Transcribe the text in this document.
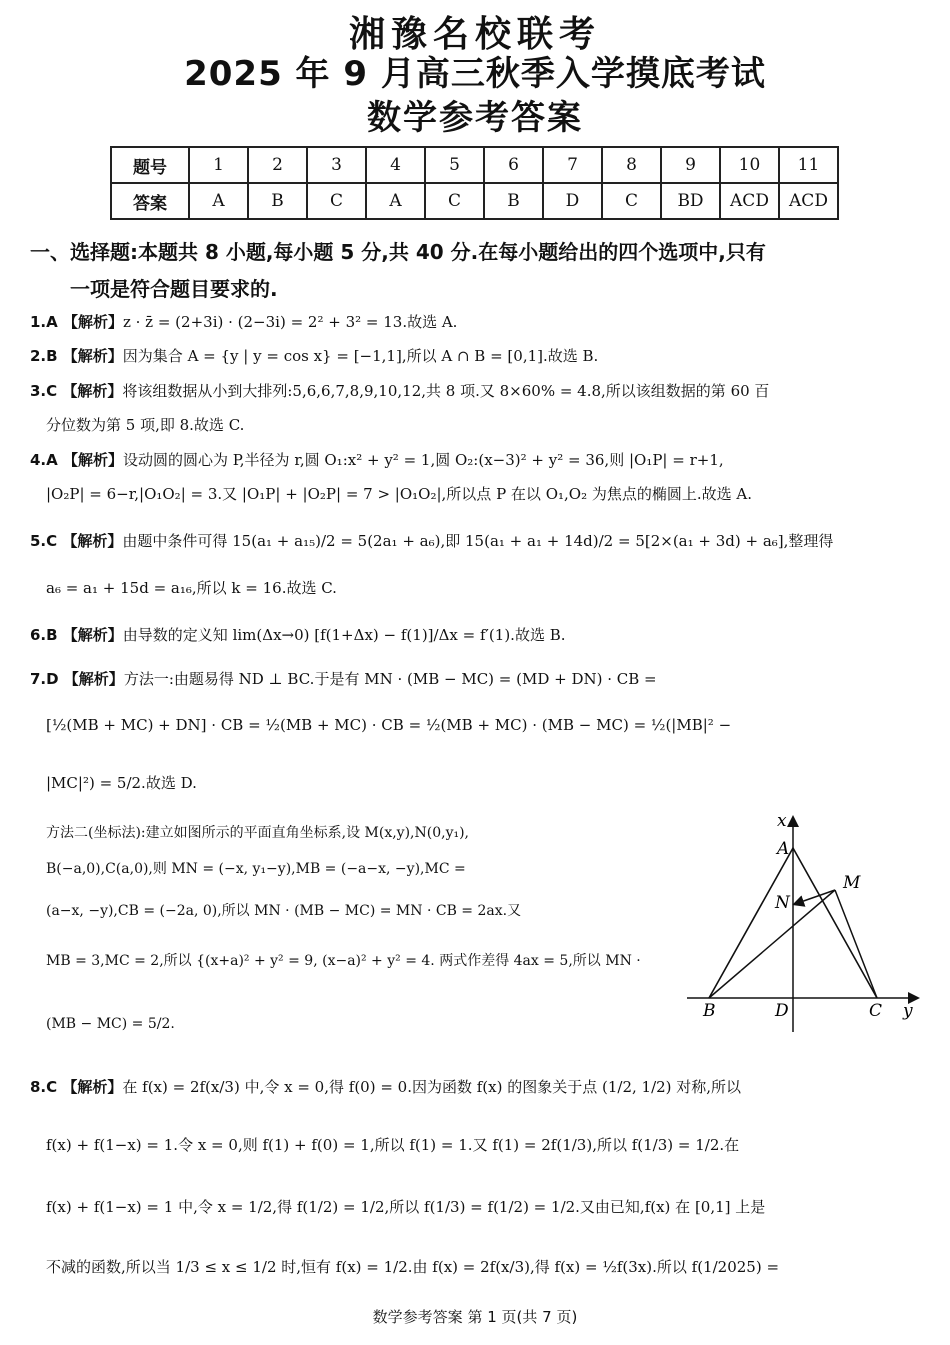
湘豫名校联考
2025 年 9 月高三秋季入学摸底考试
数学参考答案
题号	1	2	3	4	5	6	7	8	9	10	11
答案	A	B	C	A	C	B	D	C	BD	ACD	ACD
一、选择题:本题共 8 小题,每小题 5 分,共 40 分.在每小题给出的四个选项中,只有
一项是符合题目要求的.
1.A 【解析】z · z̄ = (2+3i) · (2−3i) = 2² + 3² = 13.故选 A.
2.B 【解析】因为集合 A = {y | y = cos x} = [−1,1],所以 A ∩ B = [0,1].故选 B.
3.C 【解析】将该组数据从小到大排列:5,6,6,7,8,9,10,12,共 8 项.又 8×60% = 4.8,所以该组数据的第 60 百
分位数为第 5 项,即 8.故选 C.
4.A 【解析】设动圆的圆心为 P,半径为 r,圆 O₁:x² + y² = 1,圆 O₂:(x−3)² + y² = 36,则 |O₁P| = r+1,
|O₂P| = 6−r,|O₁O₂| = 3.又 |O₁P| + |O₂P| = 7 > |O₁O₂|,所以点 P 在以 O₁,O₂ 为焦点的椭圆上.故选 A.
5.C 【解析】由题中条件可得 15(a₁ + a₁₅)/2 = 5(2a₁ + a₆),即 15(a₁ + a₁ + 14d)/2 = 5[2×(a₁ + 3d) + a₆],整理得
a₆ = a₁ + 15d = a₁₆,所以 k = 16.故选 C.
6.B 【解析】由导数的定义知 lim(Δx→0) [f(1+Δx) − f(1)]/Δx = f′(1).故选 B.
7.D 【解析】方法一:由题易得 ND ⊥ BC.于是有 MN · (MB − MC) = (MD + DN) · CB =
[½(MB + MC) + DN] · CB = ½(MB + MC) · CB = ½(MB + MC) · (MB − MC) = ½(|MB|² −
|MC|²) = 5/2.故选 D.
方法二(坐标法):建立如图所示的平面直角坐标系,设 M(x,y),N(0,y₁),
B(−a,0),C(a,0),则 MN = (−x, y₁−y),MB = (−a−x, −y),MC =
(a−x, −y),CB = (−2a, 0),所以 MN · (MB − MC) = MN · CB = 2ax.又
MB = 3,MC = 2,所以 {(x+a)² + y² = 9, (x−a)² + y² = 4. 两式作差得 4ax = 5,所以 MN ·
(MB − MC) = 5/2.
x
y
A
B	C
D
M
N
8.C 【解析】在 f(x) = 2f(x/3) 中,令 x = 0,得 f(0) = 0.因为函数 f(x) 的图象关于点 (1/2, 1/2) 对称,所以
f(x) + f(1−x) = 1.令 x = 0,则 f(1) + f(0) = 1,所以 f(1) = 1.又 f(1) = 2f(1/3),所以 f(1/3) = 1/2.在
f(x) + f(1−x) = 1 中,令 x = 1/2,得 f(1/2) = 1/2,所以 f(1/3) = f(1/2) = 1/2.又由已知,f(x) 在 [0,1] 上是
不减的函数,所以当 1/3 ≤ x ≤ 1/2 时,恒有 f(x) = 1/2.由 f(x) = 2f(x/3),得 f(x) = ½f(3x).所以 f(1/2025) =
数学参考答案 第 1 页(共 7 页)
